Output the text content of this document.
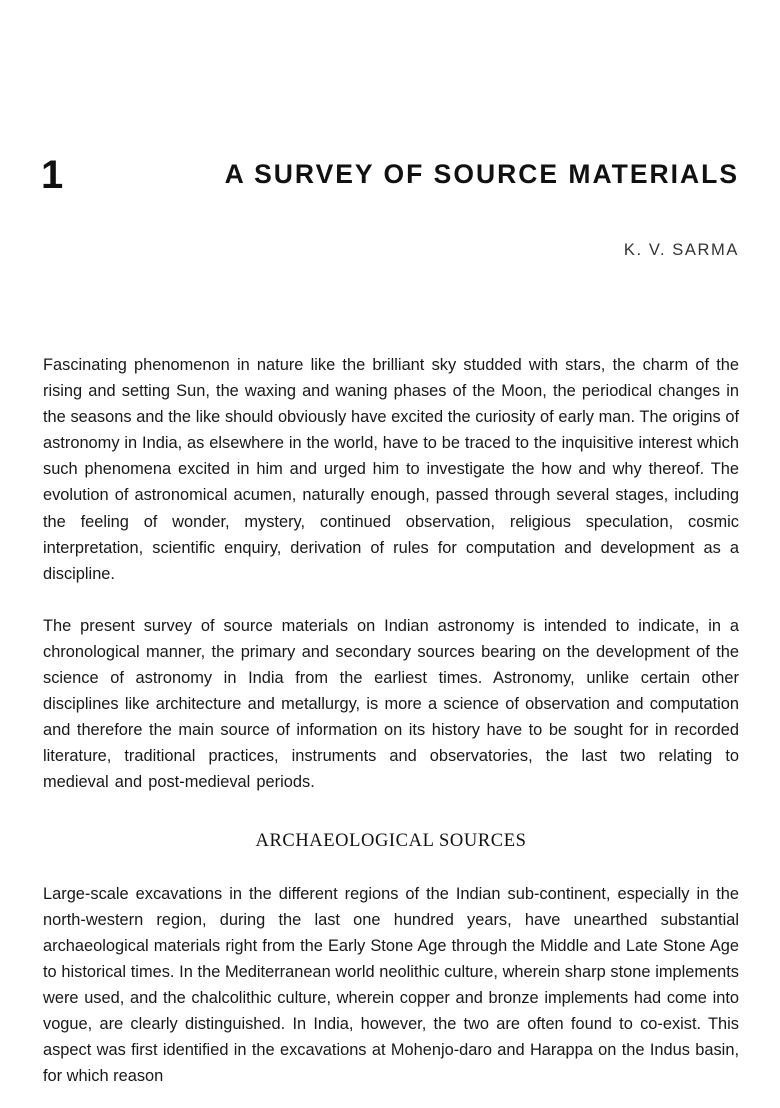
1	A SURVEY OF SOURCE MATERIALS
K. V. SARMA

Fascinating phenomenon in nature like the brilliant sky studded with stars, the charm of the rising and setting Sun, the waxing and waning phases of the Moon, the periodical changes in the seasons and the like should obviously have excited the curiosity of early man. The origins of astronomy in India, as elsewhere in the world, have to be traced to the inquisitive interest which such phenomena excited in him and urged him to investigate the how and why thereof. The evolution of astronomical acumen, naturally enough, passed through several stages, including the feeling of wonder, mystery, continued observation, religious speculation, cosmic interpretation, scientific enquiry, derivation of rules for computation and development as a discipline.

The present survey of source materials on Indian astronomy is intended to indicate, in a chronological manner, the primary and secondary sources bearing on the development of the science of astronomy in India from the earliest times. Astronomy, unlike certain other disciplines like architecture and metallurgy, is more a science of observation and computation and therefore the main source of information on its history have to be sought for in recorded literature, traditional practices, instruments and observatories, the last two relating to medieval and post-medieval periods.

ARCHAEOLOGICAL SOURCES

Large-scale excavations in the different regions of the Indian sub-continent, especially in the north-western region, during the last one hundred years, have unearthed substantial archaeological materials right from the Early Stone Age through the Middle and Late Stone Age to historical times. In the Mediterranean world neolithic culture, wherein sharp stone implements were used, and the chalcolithic culture, wherein copper and bronze implements had come into vogue, are clearly distinguished. In India, however, the two are often found to co-exist. This aspect was first identified in the excavations at Mohenjo-daro and Harappa on the Indus basin, for which reason
